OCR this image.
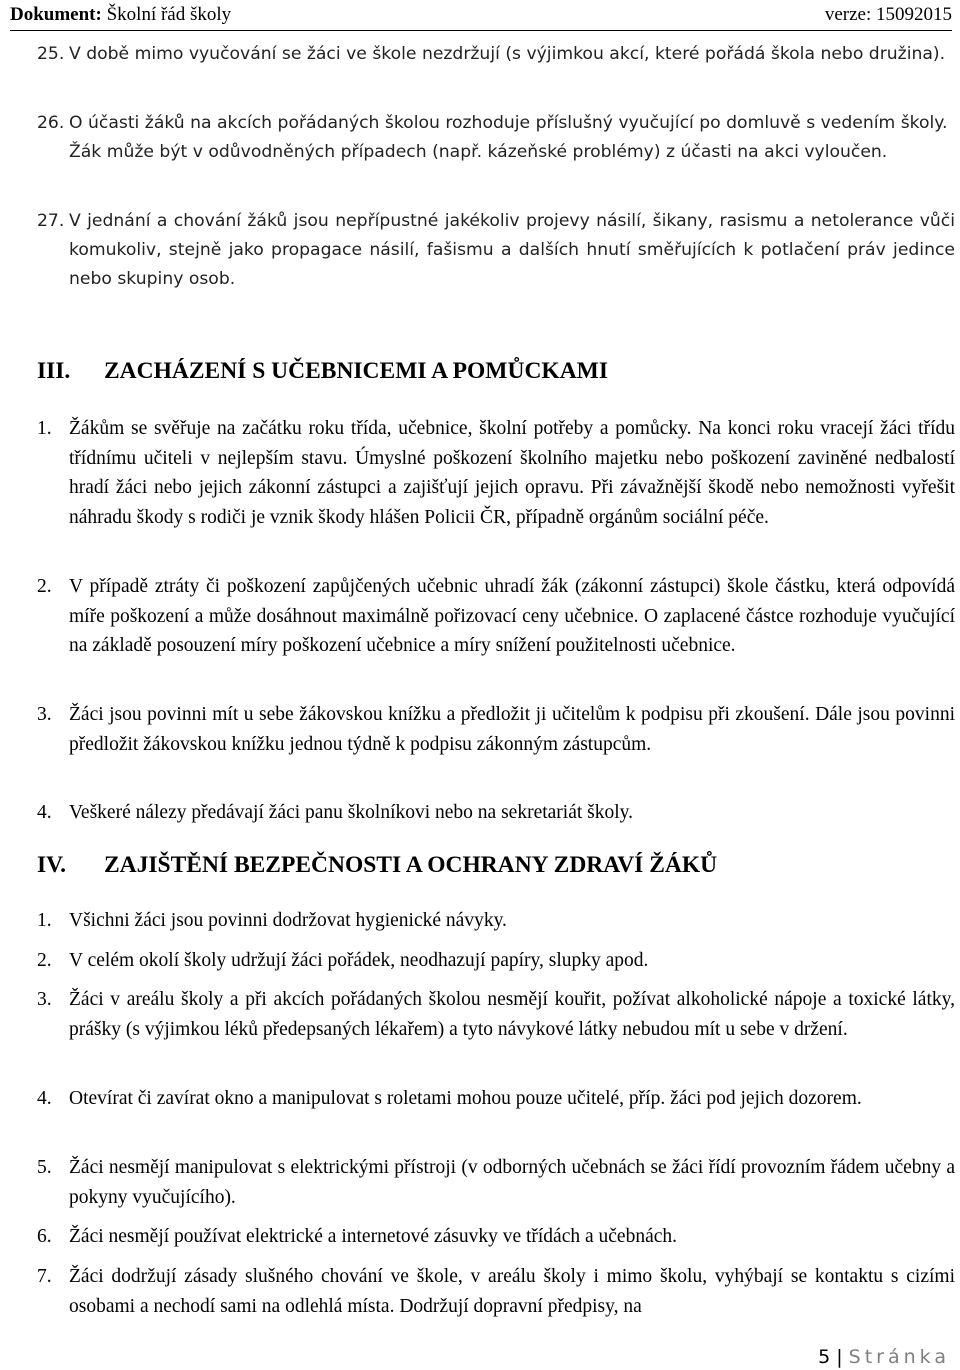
Dokument: Školní řád školy	verze: 15092015
25. V době mimo vyučování se žáci ve škole nezdržují (s výjimkou akcí, které pořádá škola nebo družina).
26. O účasti žáků na akcích pořádaných školou rozhoduje příslušný vyučující po domluvě s vedením školy. Žák může být v odůvodněných případech (např. kázeňské problémy) z účasti na akci vyloučen.
27. V jednání a chování žáků jsou nepřípustné jakékoliv projevy násilí, šikany, rasismu a netolerance vůči komukoliv, stejně jako propagace násilí, fašismu a dalších hnutí směřujících k potlačení práv jedince nebo skupiny osob.
III. ZACHÁZENÍ S UČEBNICEMI A POMŮCKAMI
1. Žákům se svěřuje na začátku roku třída, učebnice, školní potřeby a pomůcky. Na konci roku vracejí žáci třídu třídnímu učiteli v nejlepším stavu. Úmyslné poškození školního majetku nebo poškození zaviněné nedbalostí hradí žáci nebo jejich zákonní zástupci a zajišťují jejich opravu. Při závažnější škodě nebo nemožnosti vyřešit náhradu škody s rodiči je vznik škody hlášen Policii ČR, případně orgánům sociální péče.
2. V případě ztráty či poškození zapůjčených učebnic uhradí žák (zákonní zástupci) škole částku, která odpovídá míře poškození a může dosáhnout maximálně pořizovací ceny učebnice. O zaplacené částce rozhoduje vyučující na základě posouzení míry poškození učebnice a míry snížení použitelnosti učebnice.
3. Žáci jsou povinni mít u sebe žákovskou knížku a předložit ji učitelům k podpisu při zkoušení. Dále jsou povinni předložit žákovskou knížku jednou týdně k podpisu zákonným zástupcům.
4. Veškeré nálezy předávají žáci panu školníkovi nebo na sekretariát školy.
IV. ZAJIŠTĚNÍ BEZPEČNOSTI A OCHRANY ZDRAVÍ ŽÁKŮ
1. Všichni žáci jsou povinni dodržovat hygienické návyky.
2. V celém okolí školy udržují žáci pořádek, neodhazují papíry, slupky apod.
3. Žáci v areálu školy a při akcích pořádaných školou nesmějí kouřit, požívat alkoholické nápoje a toxické látky, prášky (s výjimkou léků předepsaných lékařem) a tyto návykové látky nebudou mít u sebe v držení.
4. Otevírat či zavírat okno a manipulovat s roletami mohou pouze učitelé, příp. žáci pod jejich dozorem.
5. Žáci nesmějí manipulovat s elektrickými přístroji (v odborných učebnách se žáci řídí provozním řádem učebny a pokyny vyučujícího).
6. Žáci nesmějí používat elektrické a internetové zásuvky ve třídách a učebnách.
7. Žáci dodržují zásady slušného chování ve škole, v areálu školy i mimo školu, vyhýbají se kontaktu s cizími osobami a nechodí sami na odlehlá místa. Dodržují dopravní předpisy, na
5 | Stránka
